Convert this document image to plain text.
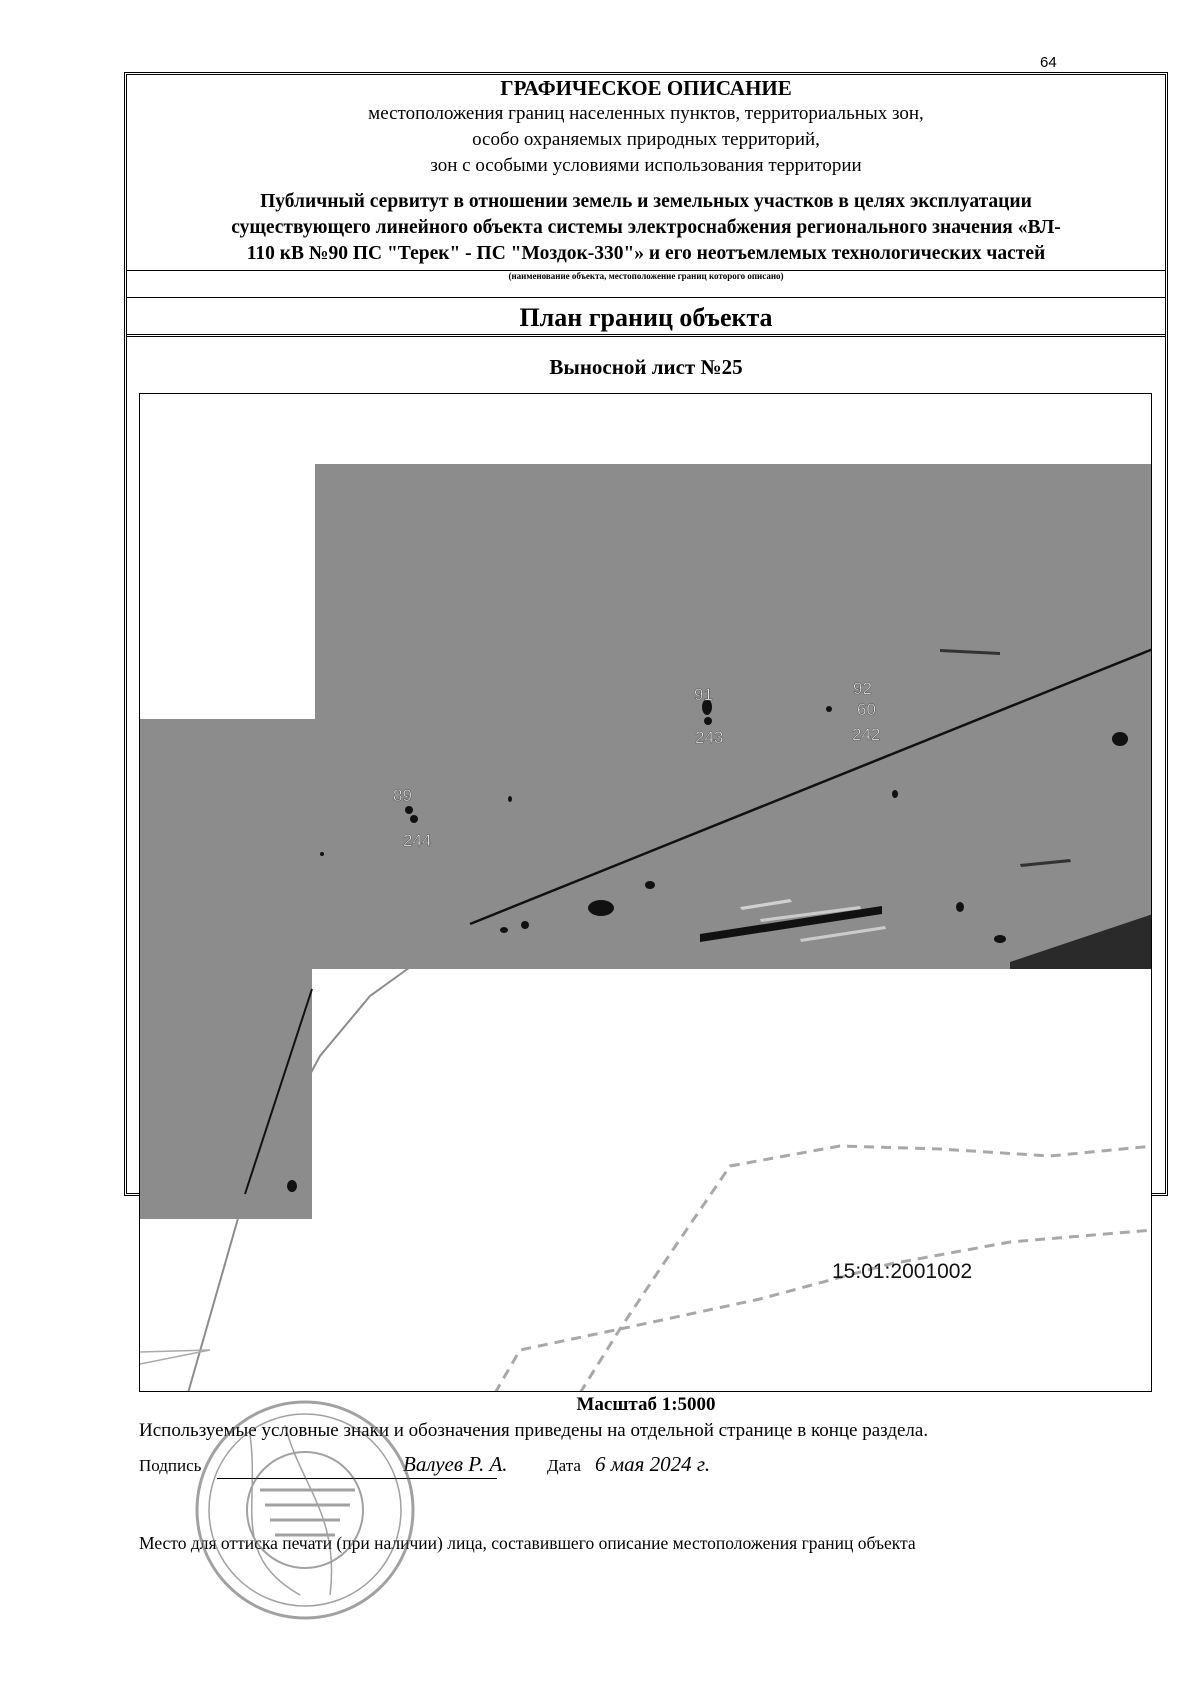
64
ГРАФИЧЕСКОЕ ОПИСАНИЕ
местоположения границ населенных пунктов, территориальных зон,
особо охраняемых природных территорий,
зон с особыми условиями использования территории
Публичный сервитут в отношении земель и земельных участков в целях эксплуатации
существующего линейного объекта системы электроснабжения регионального значения «ВЛ-
110 кВ №90 ПС "Терек" - ПС "Моздок-330"» и его неотъемлемых технологических частей
(наименование объекта, местоположение границ которого описано)
План границ объекта
Выносной лист №25
89
244
91
243
92
60
242
15:01:2001002
Масштаб 1:5000
Используемые условные знаки и обозначения приведены на отдельной странице в конце раздела.
Подпись	Валуев Р. А. Дата 6 мая 2024 г.
Место для оттиска печати (при наличии) лица, составившего описание местоположения границ объекта
